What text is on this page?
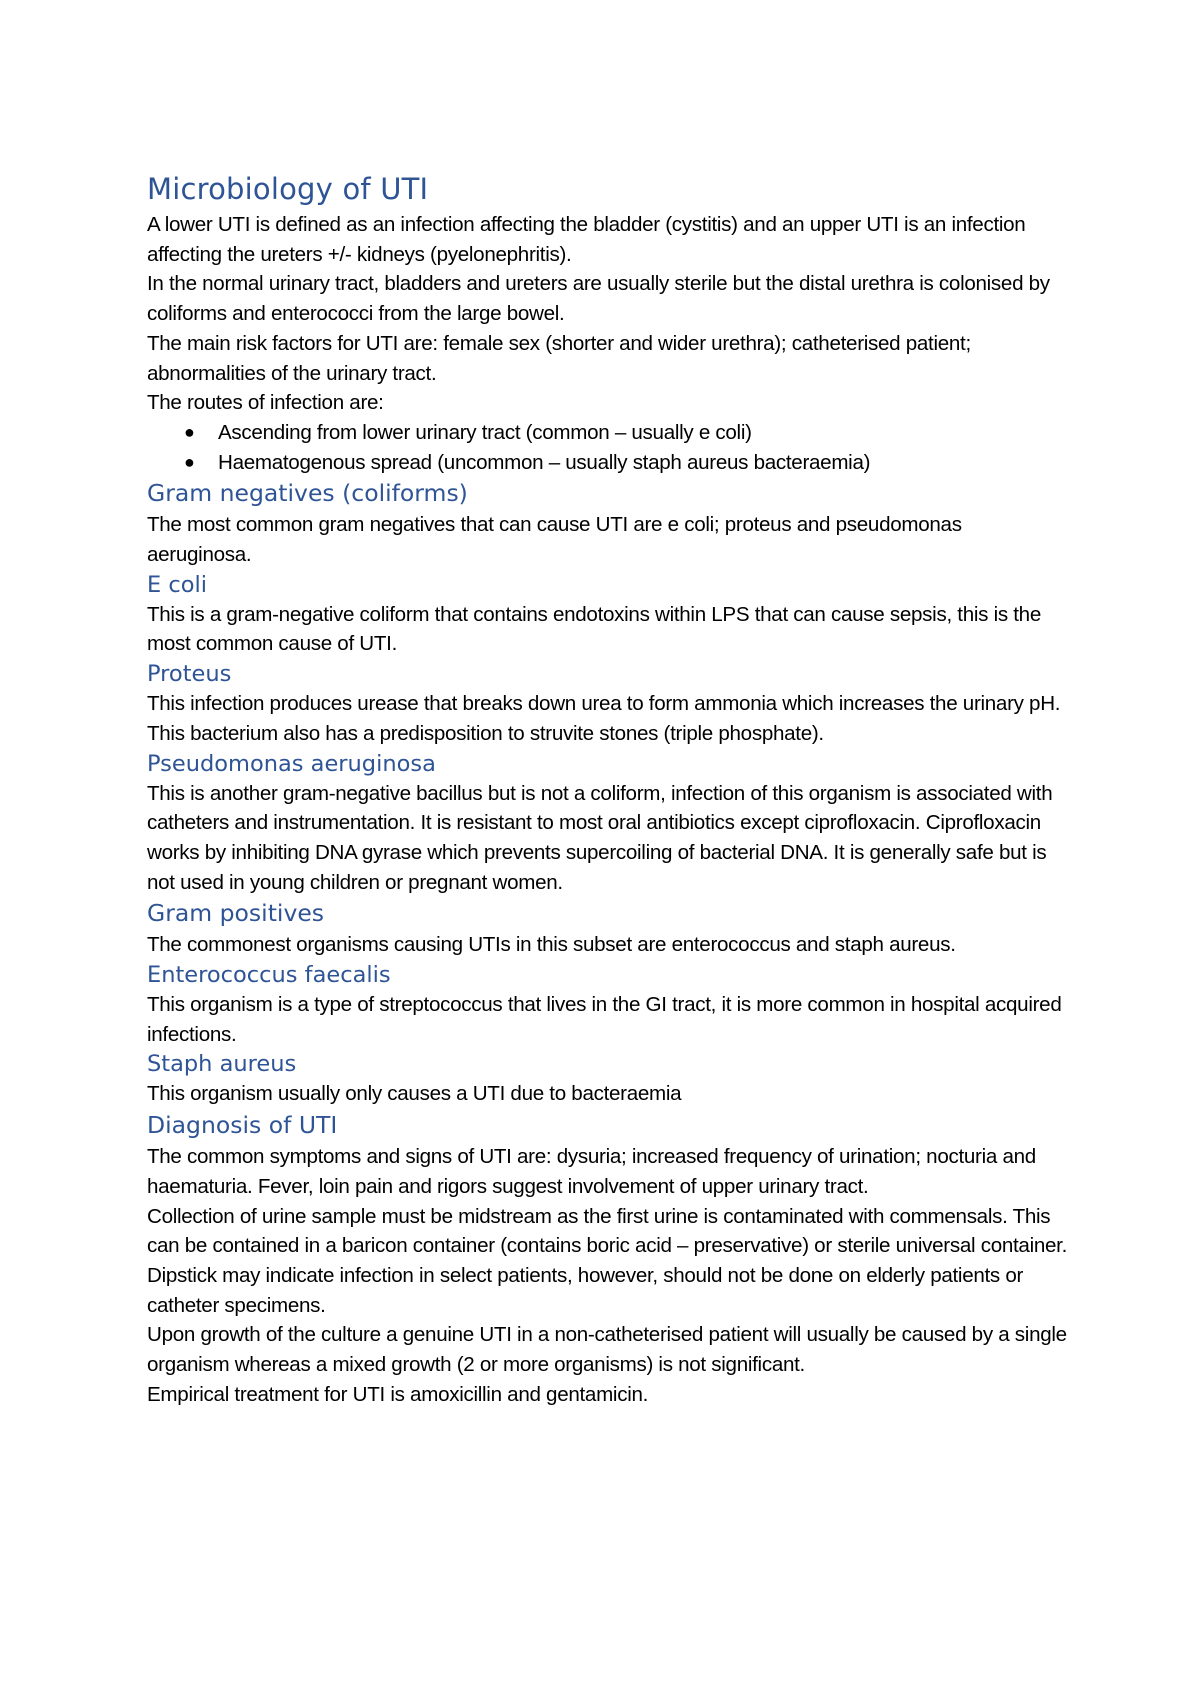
Microbiology of UTI

A lower UTI is defined as an infection affecting the bladder (cystitis) and an upper UTI is an infection affecting the ureters +/- kidneys (pyelonephritis).

In the normal urinary tract, bladders and ureters are usually sterile but the distal urethra is colonised by coliforms and enterococci from the large bowel.

The main risk factors for UTI are: female sex (shorter and wider urethra); catheterised patient; abnormalities of the urinary tract.

The routes of infection are:

● Ascending from lower urinary tract (common – usually e coli)
● Haematogenous spread (uncommon – usually staph aureus bacteraemia)
Gram negatives (coliforms)

The most common gram negatives that can cause UTI are e coli; proteus and pseudomonas aeruginosa.

E coli

This is a gram-negative coliform that contains endotoxins within LPS that can cause sepsis, this is the most common cause of UTI.

Proteus

This infection produces urease that breaks down urea to form ammonia which increases the urinary pH. This bacterium also has a predisposition to struvite stones (triple phosphate).

Pseudomonas aeruginosa

This is another gram-negative bacillus but is not a coliform, infection of this organism is associated with catheters and instrumentation. It is resistant to most oral antibiotics except ciprofloxacin. Ciprofloxacin works by inhibiting DNA gyrase which prevents supercoiling of bacterial DNA. It is generally safe but is not used in young children or pregnant women.

Gram positives

The commonest organisms causing UTIs in this subset are enterococcus and staph aureus.

Enterococcus faecalis

This organism is a type of streptococcus that lives in the GI tract, it is more common in hospital acquired infections.

Staph aureus

This organism usually only causes a UTI due to bacteraemia

Diagnosis of UTI

The common symptoms and signs of UTI are: dysuria; increased frequency of urination; nocturia and haematuria. Fever, loin pain and rigors suggest involvement of upper urinary tract.

Collection of urine sample must be midstream as the first urine is contaminated with commensals. This can be contained in a baricon container (contains boric acid – preservative) or sterile universal container.

Dipstick may indicate infection in select patients, however, should not be done on elderly patients or catheter specimens.

Upon growth of the culture a genuine UTI in a non-catheterised patient will usually be caused by a single organism whereas a mixed growth (2 or more organisms) is not significant.

Empirical treatment for UTI is amoxicillin and gentamicin.
